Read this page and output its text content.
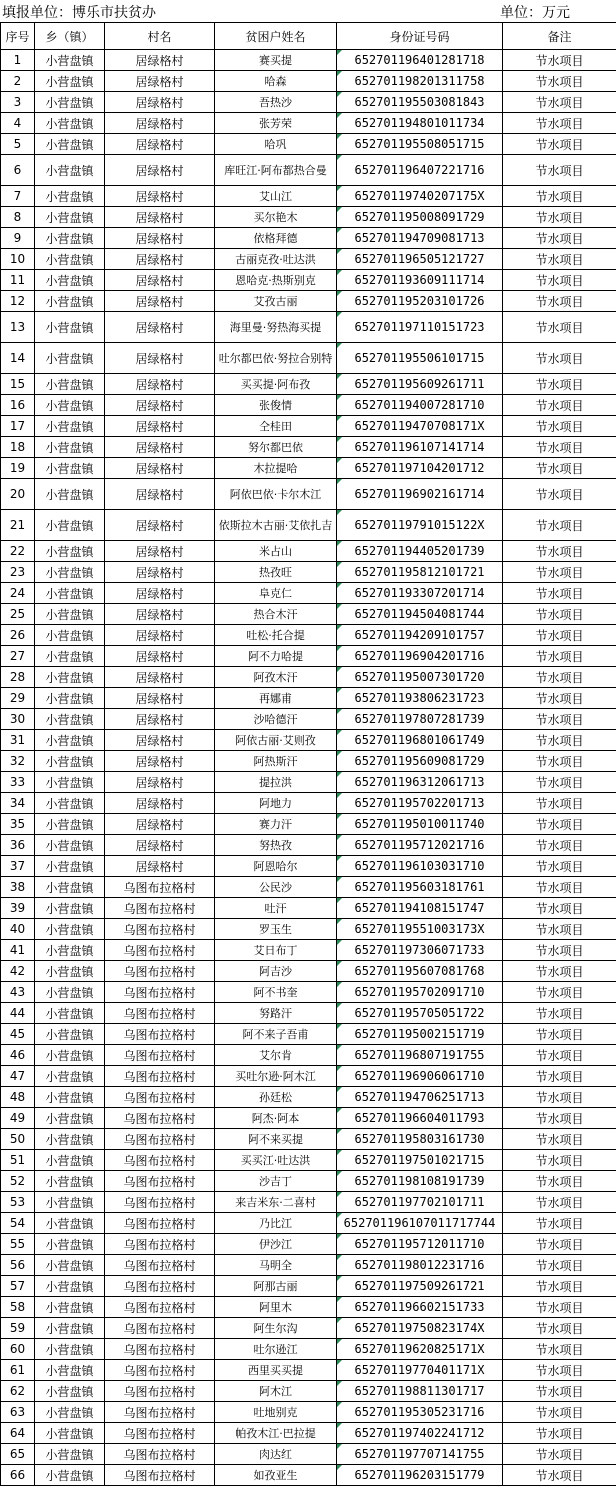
填报单位：博乐市扶贫办	单位：万元
序号	乡（镇）	村名	贫困户姓名	身份证号码	备注
1	小营盘镇	居绿格村	赛买提	652701196401281718	节水项目
2	小营盘镇	居绿格村	哈森	652701198201311758	节水项目
3	小营盘镇	居绿格村	吾热沙	652701195503081843	节水项目
4	小营盘镇	居绿格村	张芳荣	652701194801011734	节水项目
5	小营盘镇	居绿格村	哈巩	652701195508051715	节水项目
6	小营盘镇	居绿格村	库旺江·阿布都热合曼	652701196407221716	节水项目
7	小营盘镇	居绿格村	艾山江	65270119740207175X	节水项目
8	小营盘镇	居绿格村	买尔艳木	652701195008091729	节水项目
9	小营盘镇	居绿格村	依格拜德	652701194709081713	节水项目
10	小营盘镇	居绿格村	古丽克孜·吐达洪	652701196505121727	节水项目
11	小营盘镇	居绿格村	恩哈克·热斯别克	652701193609111714	节水项目
12	小营盘镇	居绿格村	艾孜古丽	652701195203101726	节水项目
13	小营盘镇	居绿格村	海里曼·努热海买提	652701197110151723	节水项目
14	小营盘镇	居绿格村	吐尔都巴依·努拉合别特	652701195506101715	节水项目
15	小营盘镇	居绿格村	买买提·阿布孜	652701195609261711	节水项目
16	小营盘镇	居绿格村	张俊情	652701194007281710	节水项目
17	小营盘镇	居绿格村	仝桂田	65270119470708171X	节水项目
18	小营盘镇	居绿格村	努尔都巴依	652701196107141714	节水项目
19	小营盘镇	居绿格村	木拉提哈	652701197104201712	节水项目
20	小营盘镇	居绿格村	阿依巴依·卡尔木江	652701196902161714	节水项目
21	小营盘镇	居绿格村	依斯拉木古丽·艾依扎吉	65270119791015122X	节水项目
22	小营盘镇	居绿格村	米占山	652701194405201739	节水项目
23	小营盘镇	居绿格村	热孜旺	652701195812101721	节水项目
24	小营盘镇	居绿格村	阜克仁	652701193307201714	节水项目
25	小营盘镇	居绿格村	热合木汗	652701194504081744	节水项目
26	小营盘镇	居绿格村	吐松·托合提	652701194209101757	节水项目
27	小营盘镇	居绿格村	阿不力哈提	652701196904201716	节水项目
28	小营盘镇	居绿格村	阿孜木汗	652701195007301720	节水项目
29	小营盘镇	居绿格村	再娜甫	652701193806231723	节水项目
30	小营盘镇	居绿格村	沙哈德汗	652701197807281739	节水项目
31	小营盘镇	居绿格村	阿依古丽·艾则孜	652701196801061749	节水项目
32	小营盘镇	居绿格村	阿热斯汗	652701195609081729	节水项目
33	小营盘镇	居绿格村	提拉洪	652701196312061713	节水项目
34	小营盘镇	居绿格村	阿地力	652701195702201713	节水项目
35	小营盘镇	居绿格村	赛力汗	652701195010011740	节水项目
36	小营盘镇	居绿格村	努热孜	652701195712021716	节水项目
37	小营盘镇	居绿格村	阿恩哈尔	652701196103031710	节水项目
38	小营盘镇	乌图布拉格村	公民沙	652701195603181761	节水项目
39	小营盘镇	乌图布拉格村	吐汗	652701194108151747	节水项目
40	小营盘镇	乌图布拉格村	罗玉生	65270119551003173X	节水项目
41	小营盘镇	乌图布拉格村	艾日布丁	652701197306071733	节水项目
42	小营盘镇	乌图布拉格村	阿吉沙	652701195607081768	节水项目
43	小营盘镇	乌图布拉格村	阿不书奎	652701195702091710	节水项目
44	小营盘镇	乌图布拉格村	努路汗	652701195705051722	节水项目
45	小营盘镇	乌图布拉格村	阿不来子吾甫	652701195002151719	节水项目
46	小营盘镇	乌图布拉格村	艾尔肯	652701196807191755	节水项目
47	小营盘镇	乌图布拉格村	买吐尔逊·阿木江	652701196906061710	节水项目
48	小营盘镇	乌图布拉格村	孙廷松	652701194706251713	节水项目
49	小营盘镇	乌图布拉格村	阿杰·阿本	652701196604011793	节水项目
50	小营盘镇	乌图布拉格村	阿不来买提	652701195803161730	节水项目
51	小营盘镇	乌图布拉格村	买买江·吐达洪	652701197501021715	节水项目
52	小营盘镇	乌图布拉格村	沙吉丁	652701198108191739	节水项目
53	小营盘镇	乌图布拉格村	来吉米东·二喜村	652701197702101711	节水项目
54	小营盘镇	乌图布拉格村	乃比江	652701196107011717744	节水项目
55	小营盘镇	乌图布拉格村	伊沙江	652701195712011710	节水项目
56	小营盘镇	乌图布拉格村	马明全	652701198012231716	节水项目
57	小营盘镇	乌图布拉格村	阿那古丽	652701197509261721	节水项目
58	小营盘镇	乌图布拉格村	阿里木	652701196602151733	节水项目
59	小营盘镇	乌图布拉格村	阿生尔沟	65270119750823174X	节水项目
60	小营盘镇	乌图布拉格村	吐尔逊江	65270119620825171X	节水项目
61	小营盘镇	乌图布拉格村	西里买买提	65270119770401171X	节水项目
62	小营盘镇	乌图布拉格村	阿木江	652701198811301717	节水项目
63	小营盘镇	乌图布拉格村	吐地别克	652701195305231716	节水项目
64	小营盘镇	乌图布拉格村	帕孜木江·巴拉提	652701197402241712	节水项目
65	小营盘镇	乌图布拉格村	肉达红	652701197707141755	节水项目
66	小营盘镇	乌图布拉格村	如孜亚生	652701196203151779	节水项目
